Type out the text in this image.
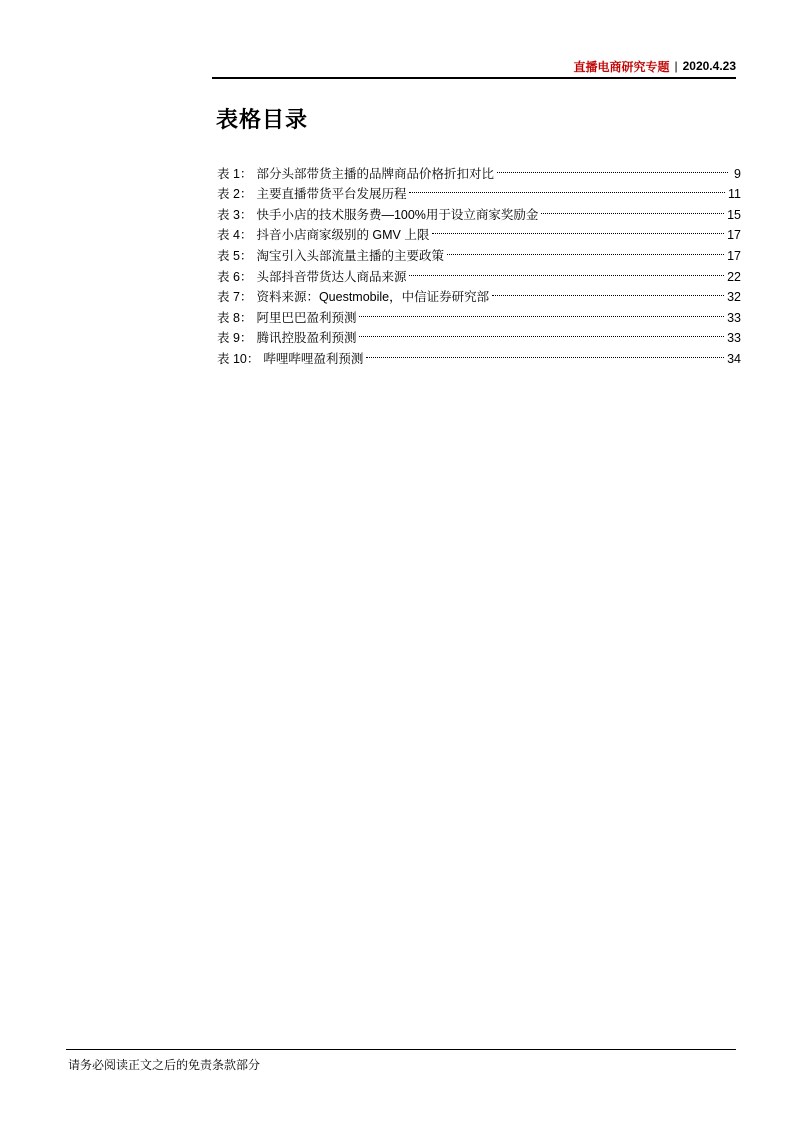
直播电商研究专题 | 2020.4.23
表格目录
表 1： 部分头部带货主播的品牌商品价格折扣对比	9
表 2： 主要直播带货平台发展历程	11
表 3： 快手小店的技术服务费—100%用于设立商家奖励金	15
表 4： 抖音小店商家级别的 GMV 上限	17
表 5： 淘宝引入头部流量主播的主要政策	17
表 6： 头部抖音带货达人商品来源	22
表 7： 资料来源：Questmobile，中信证券研究部	32
表 8： 阿里巴巴盈利预测	33
表 9： 腾讯控股盈利预测	33
表 10： 哔哩哔哩盈利预测	34
请务必阅读正文之后的免责条款部分
